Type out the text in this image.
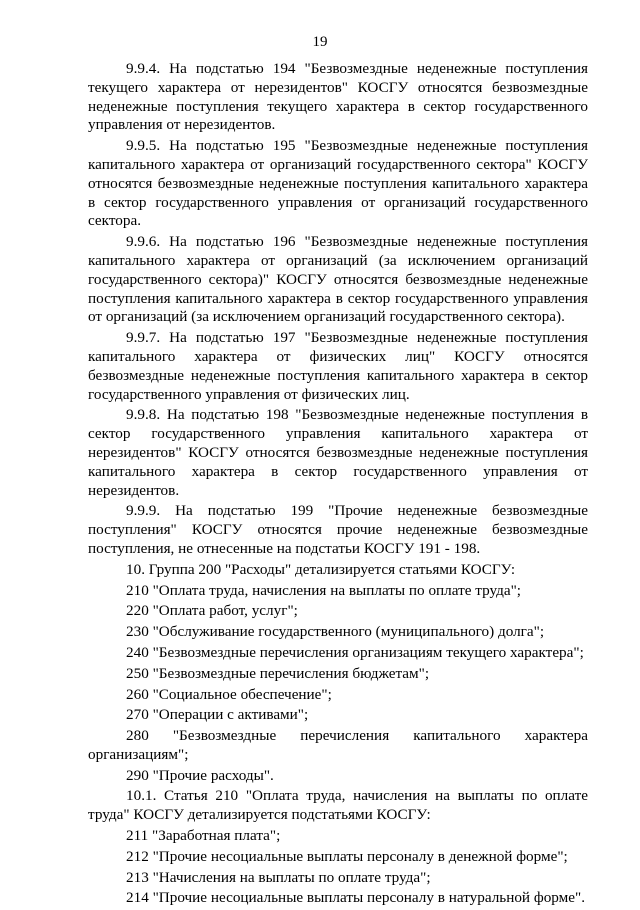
19

9.9.4. На подстатью 194 "Безвозмездные неденежные поступления текущего характера от нерезидентов" КОСГУ относятся безвозмездные неденежные поступления текущего характера в сектор государственного управления от нерезидентов.

9.9.5. На подстатью 195 "Безвозмездные неденежные поступления капитального характера от организаций государственного сектора" КОСГУ относятся безвозмездные неденежные поступления капитального характера в сектор государственного управления от организаций государственного сектора.

9.9.6. На подстатью 196 "Безвозмездные неденежные поступления капитального характера от организаций (за исключением организаций государственного сектора)" КОСГУ относятся безвозмездные неденежные поступления капитального характера в сектор государственного управления от организаций (за исключением организаций государственного сектора).

9.9.7. На подстатью 197 "Безвозмездные неденежные поступления капитального характера от физических лиц" КОСГУ относятся безвозмездные неденежные поступления капитального характера в сектор государственного управления от физических лиц.

9.9.8. На подстатью 198 "Безвозмездные неденежные поступления в сектор государственного управления капитального характера от нерезидентов" КОСГУ относятся безвозмездные неденежные поступления капитального характера в сектор государственного управления от нерезидентов.

9.9.9. На подстатью 199 "Прочие неденежные безвозмездные поступления" КОСГУ относятся прочие неденежные безвозмездные поступления, не отнесенные на подстатьи КОСГУ 191 - 198.

10. Группа 200 "Расходы" детализируется статьями КОСГУ:

210 "Оплата труда, начисления на выплаты по оплате труда";

220 "Оплата работ, услуг";

230 "Обслуживание государственного (муниципального) долга";

240 "Безвозмездные перечисления организациям текущего характера";

250 "Безвозмездные перечисления бюджетам";

260 "Социальное обеспечение";

270 "Операции с активами";

280 "Безвозмездные перечисления капитального характера организациям";

290 "Прочие расходы".

10.1. Статья 210 "Оплата труда, начисления на выплаты по оплате труда" КОСГУ детализируется подстатьями КОСГУ:

211 "Заработная плата";

212 "Прочие несоциальные выплаты персоналу в денежной форме";

213 "Начисления на выплаты по оплате труда";

214 "Прочие несоциальные выплаты персоналу в натуральной форме".
